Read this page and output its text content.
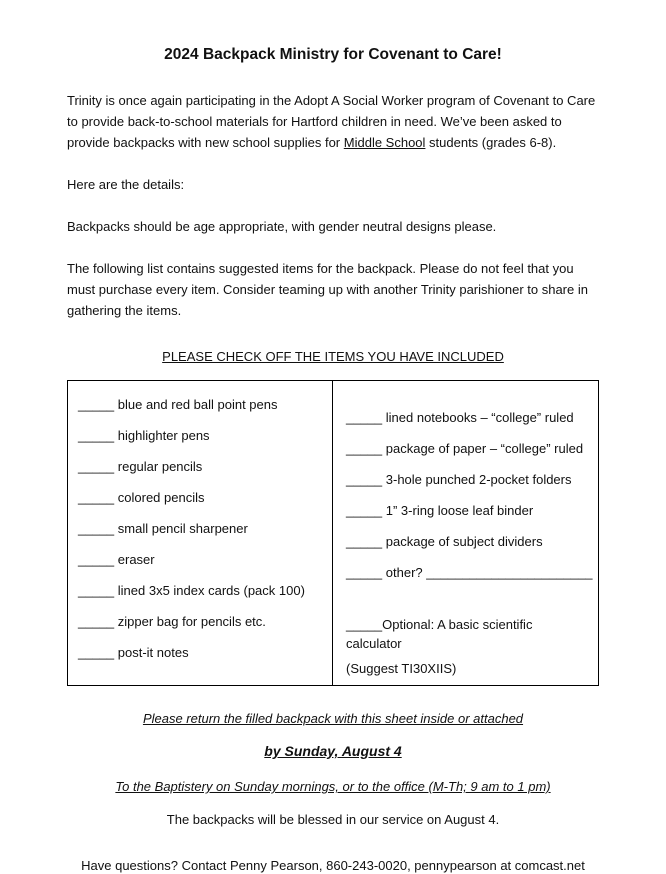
2024 Backpack Ministry for Covenant to Care!

Trinity is once again participating in the Adopt A Social Worker program of Covenant to Care to provide back-to-school materials for Hartford children in need. We’ve been asked to provide backpacks with new school supplies for Middle School students (grades 6-8).

Here are the details:

Backpacks should be age appropriate, with gender neutral designs please.

The following list contains suggested items for the backpack. Please do not feel that you must purchase every item. Consider teaming up with another Trinity parishioner to share in gathering the items.

PLEASE CHECK OFF THE ITEMS YOU HAVE INCLUDED

_____ blue and red ball point pens
_____ highlighter pens
_____ regular pencils
_____ colored pencils
_____ small pencil sharpener
_____ eraser
_____ lined 3x5 index cards (pack 100)
_____ zipper bag for pencils etc.
_____ post-it notes
_____ lined notebooks – “college” ruled
_____ package of paper – “college” ruled
_____ 3-hole punched 2-pocket folders
_____ 1” 3-ring loose leaf binder
_____ package of subject dividers
_____ other? _______________________
_____Optional: A basic scientific calculator
(Suggest TI30XIIS)

Please return the filled backpack with this sheet inside or attached

by Sunday, August 4

To the Baptistery on Sunday mornings, or to the office (M-Th; 9 am to 1 pm)

The backpacks will be blessed in our service on August 4.

Have questions? Contact Penny Pearson, 860-243-0020, pennypearson at comcast.net
